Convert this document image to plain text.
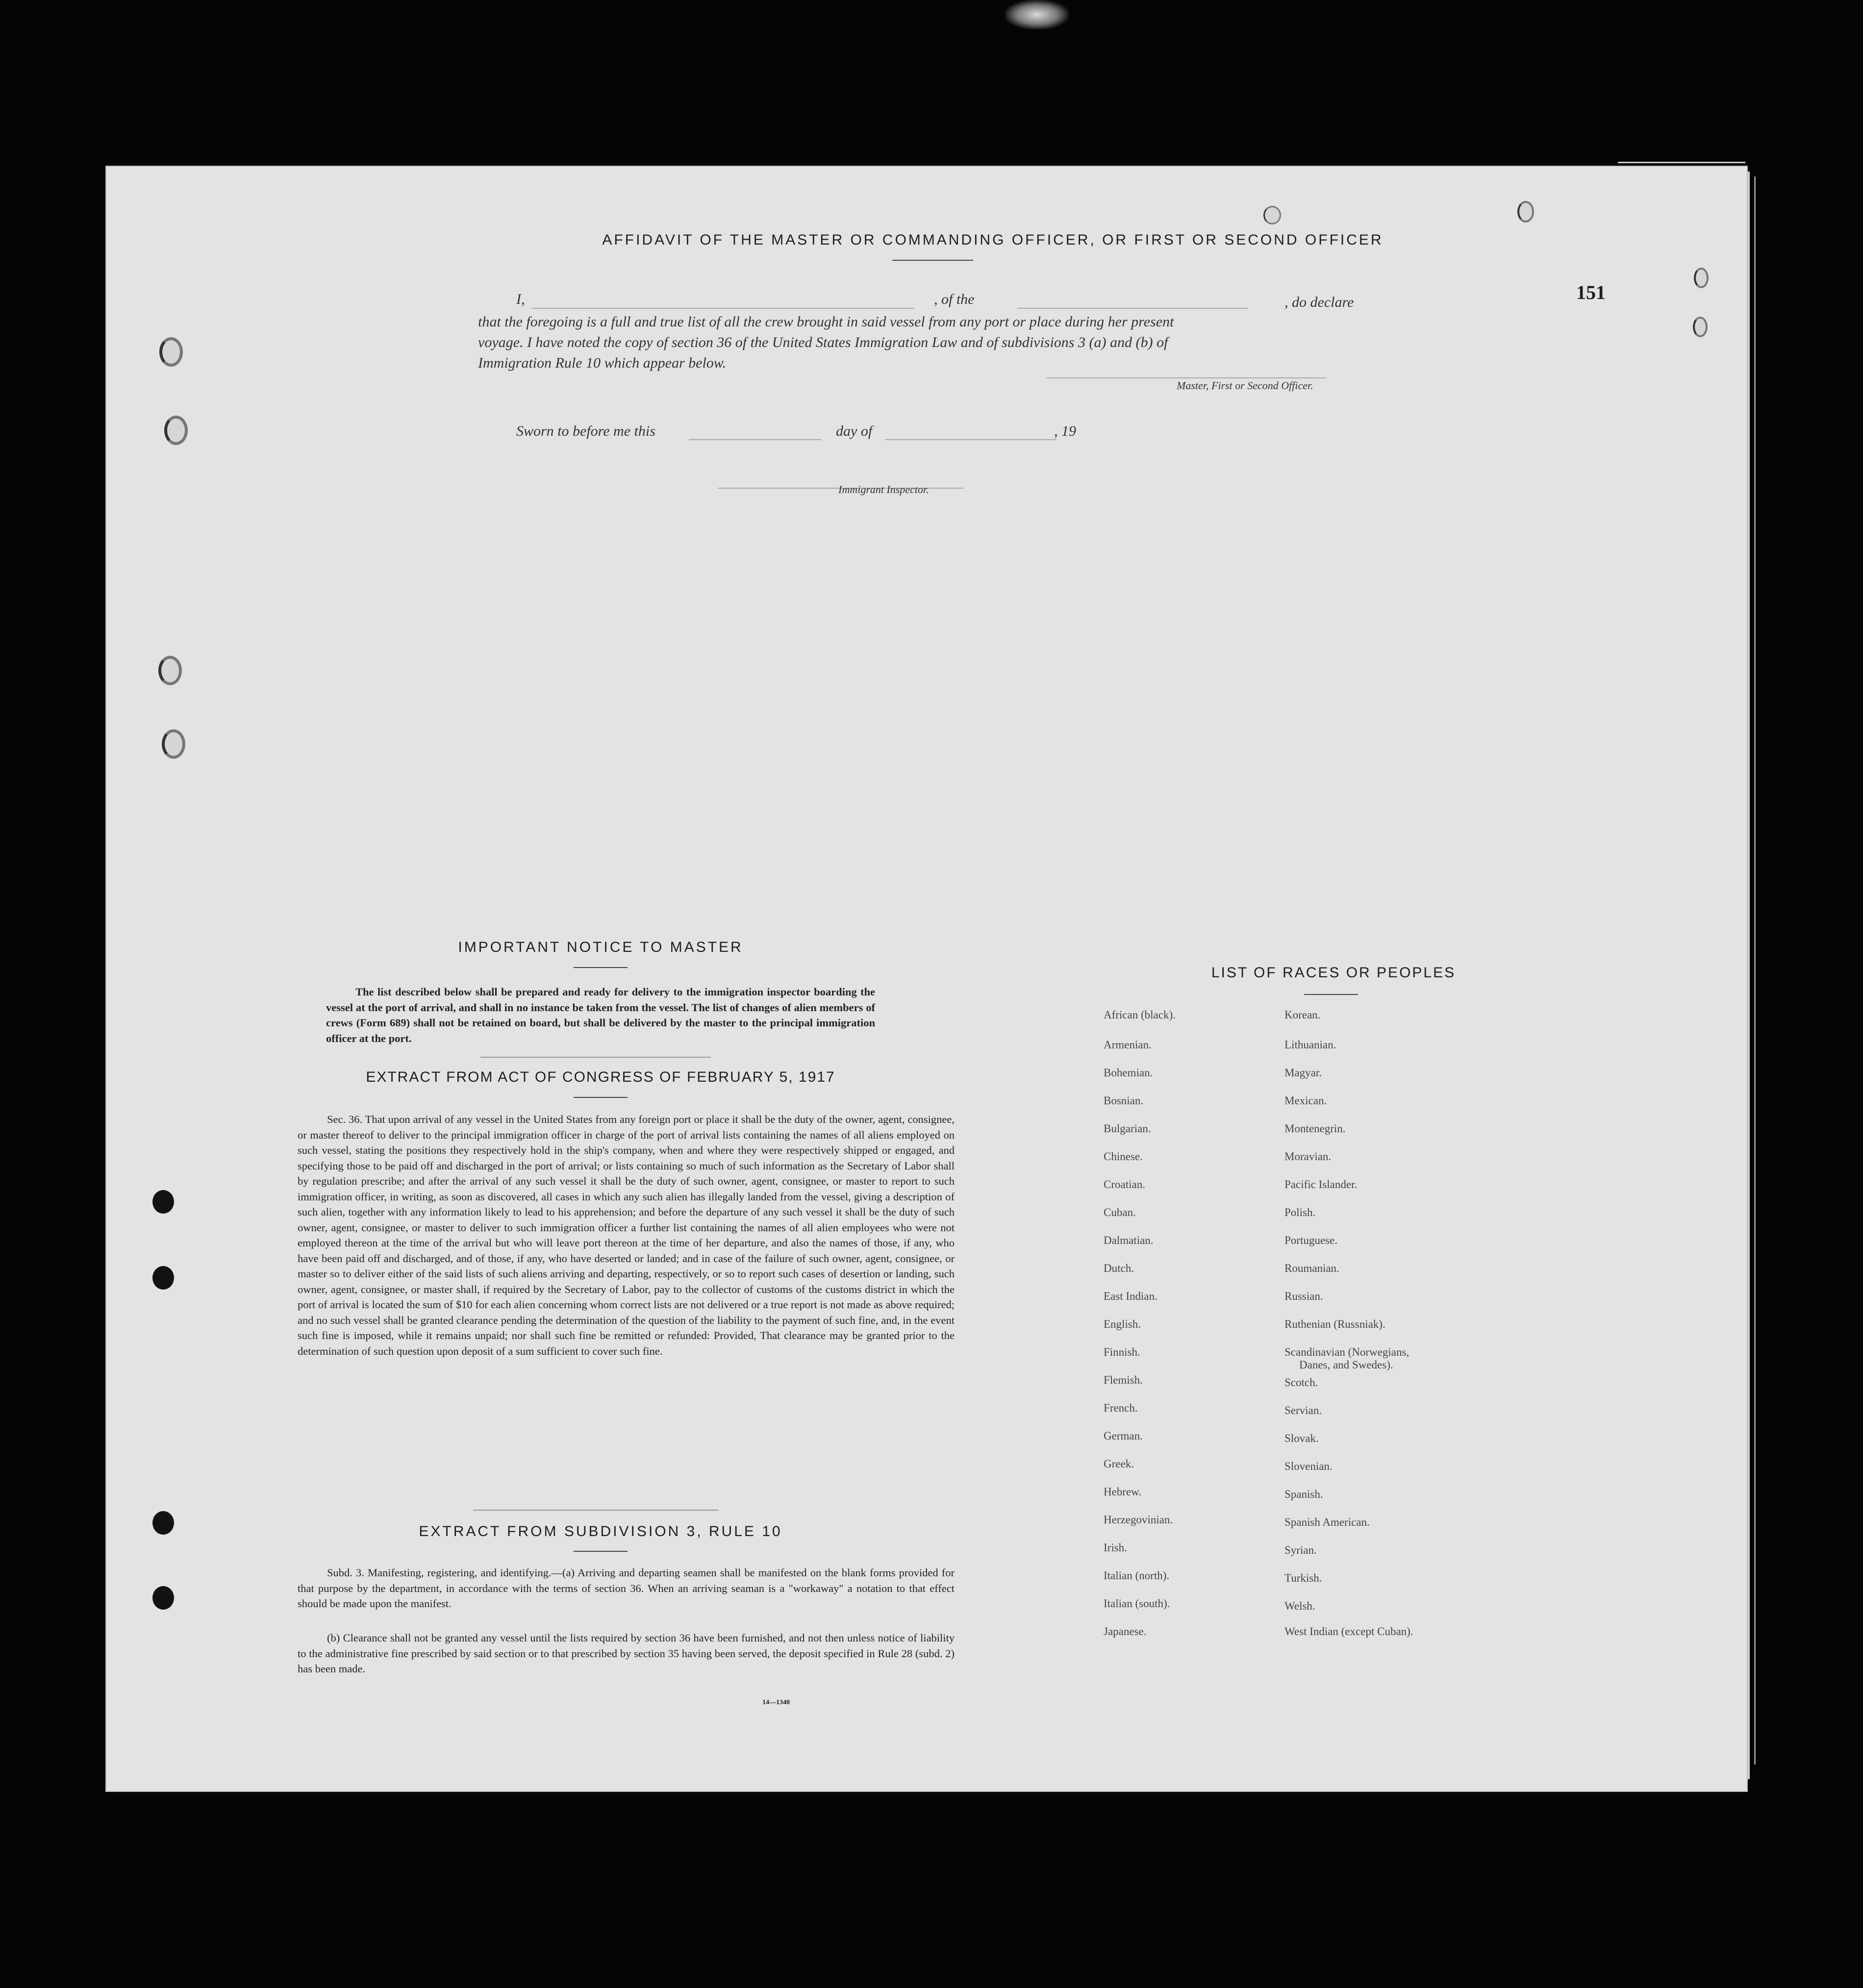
AFFIDAVIT OF THE MASTER OR COMMANDING OFFICER, OR FIRST OR SECOND OFFICER
151
I,	, of the	, do declare
that the foregoing is a full and true list of all the crew brought in said vessel from any port or place during her present
voyage. I have noted the copy of section 36 of the United States Immigration Law and of subdivisions 3 (a) and (b) of
Immigration Rule 10 which appear below.
Master, First or Second Officer.
Sworn to before me this	day of	, 19
Immigrant Inspector.
IMPORTANT NOTICE TO MASTER
The list described below shall be prepared and ready for delivery to the immigration inspector boarding the vessel at the port of arrival, and shall in no instance be taken from the vessel. The list of changes of alien members of crews (Form 689) shall not be retained on board, but shall be delivered by the master to the principal immigration officer at the port.
EXTRACT FROM ACT OF CONGRESS OF FEBRUARY 5, 1917
Sec. 36. That upon arrival of any vessel in the United States from any foreign port or place it shall be the duty of the owner, agent, consignee, or master thereof to deliver to the principal immigration officer in charge of the port of arrival lists containing the names of all aliens employed on such vessel, stating the positions they respectively hold in the ship's company, when and where they were respectively shipped or engaged, and specifying those to be paid off and discharged in the port of arrival; or lists containing so much of such information as the Secretary of Labor shall by regulation prescribe; and after the arrival of any such vessel it shall be the duty of such owner, agent, consignee, or master to report to such immigration officer, in writing, as soon as discovered, all cases in which any such alien has illegally landed from the vessel, giving a description of such alien, together with any information likely to lead to his apprehension; and before the departure of any such vessel it shall be the duty of such owner, agent, consignee, or master to deliver to such immigration officer a further list containing the names of all alien employees who were not employed thereon at the time of the arrival but who will leave port thereon at the time of her departure, and also the names of those, if any, who have been paid off and discharged, and of those, if any, who have deserted or landed; and in case of the failure of such owner, agent, consignee, or master so to deliver either of the said lists of such aliens arriving and departing, respectively, or so to report such cases of desertion or landing, such owner, agent, consignee, or master shall, if required by the Secretary of Labor, pay to the collector of customs of the customs district in which the port of arrival is located the sum of $10 for each alien concerning whom correct lists are not delivered or a true report is not made as above required; and no such vessel shall be granted clearance pending the determination of the question of the liability to the payment of such fine, and, in the event such fine is imposed, while it remains unpaid; nor shall such fine be remitted or refunded: Provided, That clearance may be granted prior to the determination of such question upon deposit of a sum sufficient to cover such fine.
EXTRACT FROM SUBDIVISION 3, RULE 10
Subd. 3. Manifesting, registering, and identifying.—(a) Arriving and departing seamen shall be manifested on the blank forms provided for that purpose by the department, in accordance with the terms of section 36. When an arriving seaman is a "workaway" a notation to that effect should be made upon the manifest.
(b) Clearance shall not be granted any vessel until the lists required by section 36 have been furnished, and not then unless notice of liability to the administrative fine prescribed by said section or to that prescribed by section 35 having been served, the deposit specified in Rule 28 (subd. 2) has been made.
14—1340
LIST OF RACES OR PEOPLES
African (black).
Armenian.
Bohemian.
Bosnian.
Bulgarian.
Chinese.
Croatian.
Cuban.
Dalmatian.
Dutch.
East Indian.
English.
Finnish.
Flemish.
French.
German.
Greek.
Hebrew.
Herzegovinian.
Irish.
Italian (north).
Italian (south).
Japanese.
Korean.
Lithuanian.
Magyar.
Mexican.
Montenegrin.
Moravian.
Pacific Islander.
Polish.
Portuguese.
Roumanian.
Russian.
Ruthenian (Russniak).
Scandinavian (Norwegians,
Danes, and Swedes).
Scotch.
Servian.
Slovak.
Slovenian.
Spanish.
Spanish American.
Syrian.
Turkish.
Welsh.
West Indian (except Cuban).
